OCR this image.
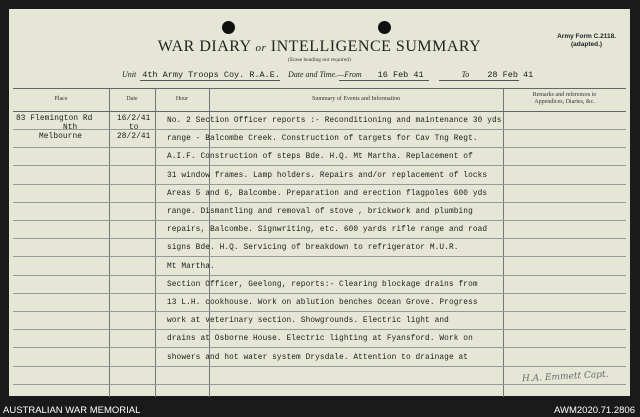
Army Form C.2118.
(adapted.)
WAR DIARY or INTELLIGENCE SUMMARY
(Erase heading not required)
Unit 4th Army Troops Coy. R.A.E. Date and Time.—From 16 Feb 41	To 28 Feb 41
Place	Date	Hour	Summary of Events and Information
Remarks and references to
Appendices, Diaries, &c.
83 Flemington Rd
Nth
Melbourne
16/2/41
to
28/2/41
No. 2 Section Officer reports :- Reconditioning and maintenance 30 yds
range - Balcombe Creek. Construction of targets for Cav Tng Regt.
A.I.F. Construction of steps Bde. H.Q. Mt Martha. Replacement of
31 window frames. Lamp holders. Repairs and/or replacement of locks
Areas 5 and 6, Balcombe. Preparation and erection flagpoles 600 yds
range. Dismantling and removal of stove , brickwork and plumbing
repairs, Balcombe. Signwriting, etc. 600 yards rifle range and road
signs Bde. H.Q. Servicing of breakdown to refrigerator M.U.R.
Mt Martha.
Section Officer, Geelong, reports:- Clearing blockage drains from
13 L.H. cookhouse. Work on ablution benches Ocean Grove. Progress
work at veterinary section. Showgrounds. Electric light and
drains at Osborne House. Electric lighting at Fyansford. Work on
showers and hot water system Drysdale. Attention to drainage at
H.A. Emmett Capt.
AUSTRALIAN WAR MEMORIAL	AWM2020.71.2806
